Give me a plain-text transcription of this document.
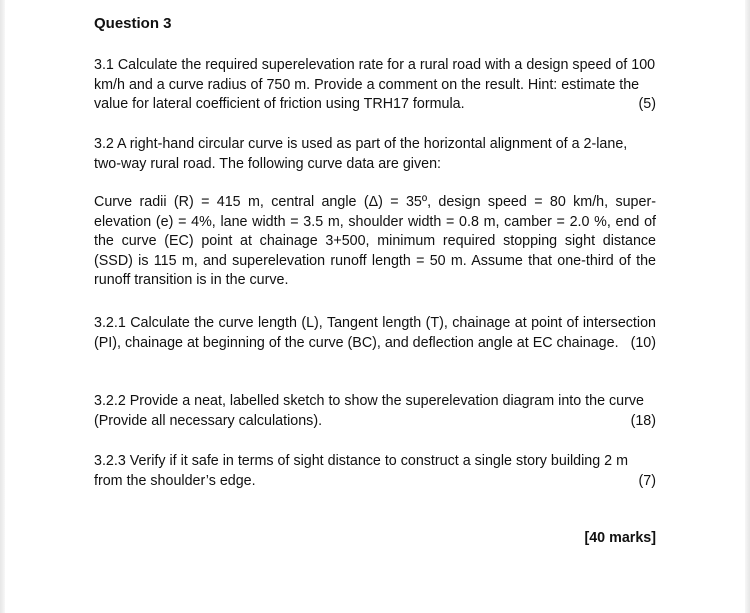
Question 3
3.1 Calculate the required superelevation rate for a rural road with a design speed of 100 km/h and a curve radius of 750 m. Provide a comment on the result. Hint: estimate the value for lateral coefficient of friction using TRH17 formula.	(5)
3.2 A right-hand circular curve is used as part of the horizontal alignment of a 2-lane, two-way rural road. The following curve data are given:
Curve radii (R) = 415 m, central angle (Δ) = 35º, design speed = 80 km/h, super-elevation (e) = 4%, lane width = 3.5 m, shoulder width = 0.8 m, camber = 2.0 %, end of the curve (EC) point at chainage 3+500, minimum required stopping sight distance (SSD) is 115 m, and superelevation runoff length = 50 m. Assume that one-third of the runoff transition is in the curve.
3.2.1 Calculate the curve length (L), Tangent length (T), chainage at point of intersection (PI), chainage at beginning of the curve (BC), and deflection angle at EC chainage. (10)
3.2.2 Provide a neat, labelled sketch to show the superelevation diagram into the curve (Provide all necessary calculations).	(18)
3.2.3 Verify if it safe in terms of sight distance to construct a single story building 2 m from the shoulder’s edge.	(7)
[40 marks]
